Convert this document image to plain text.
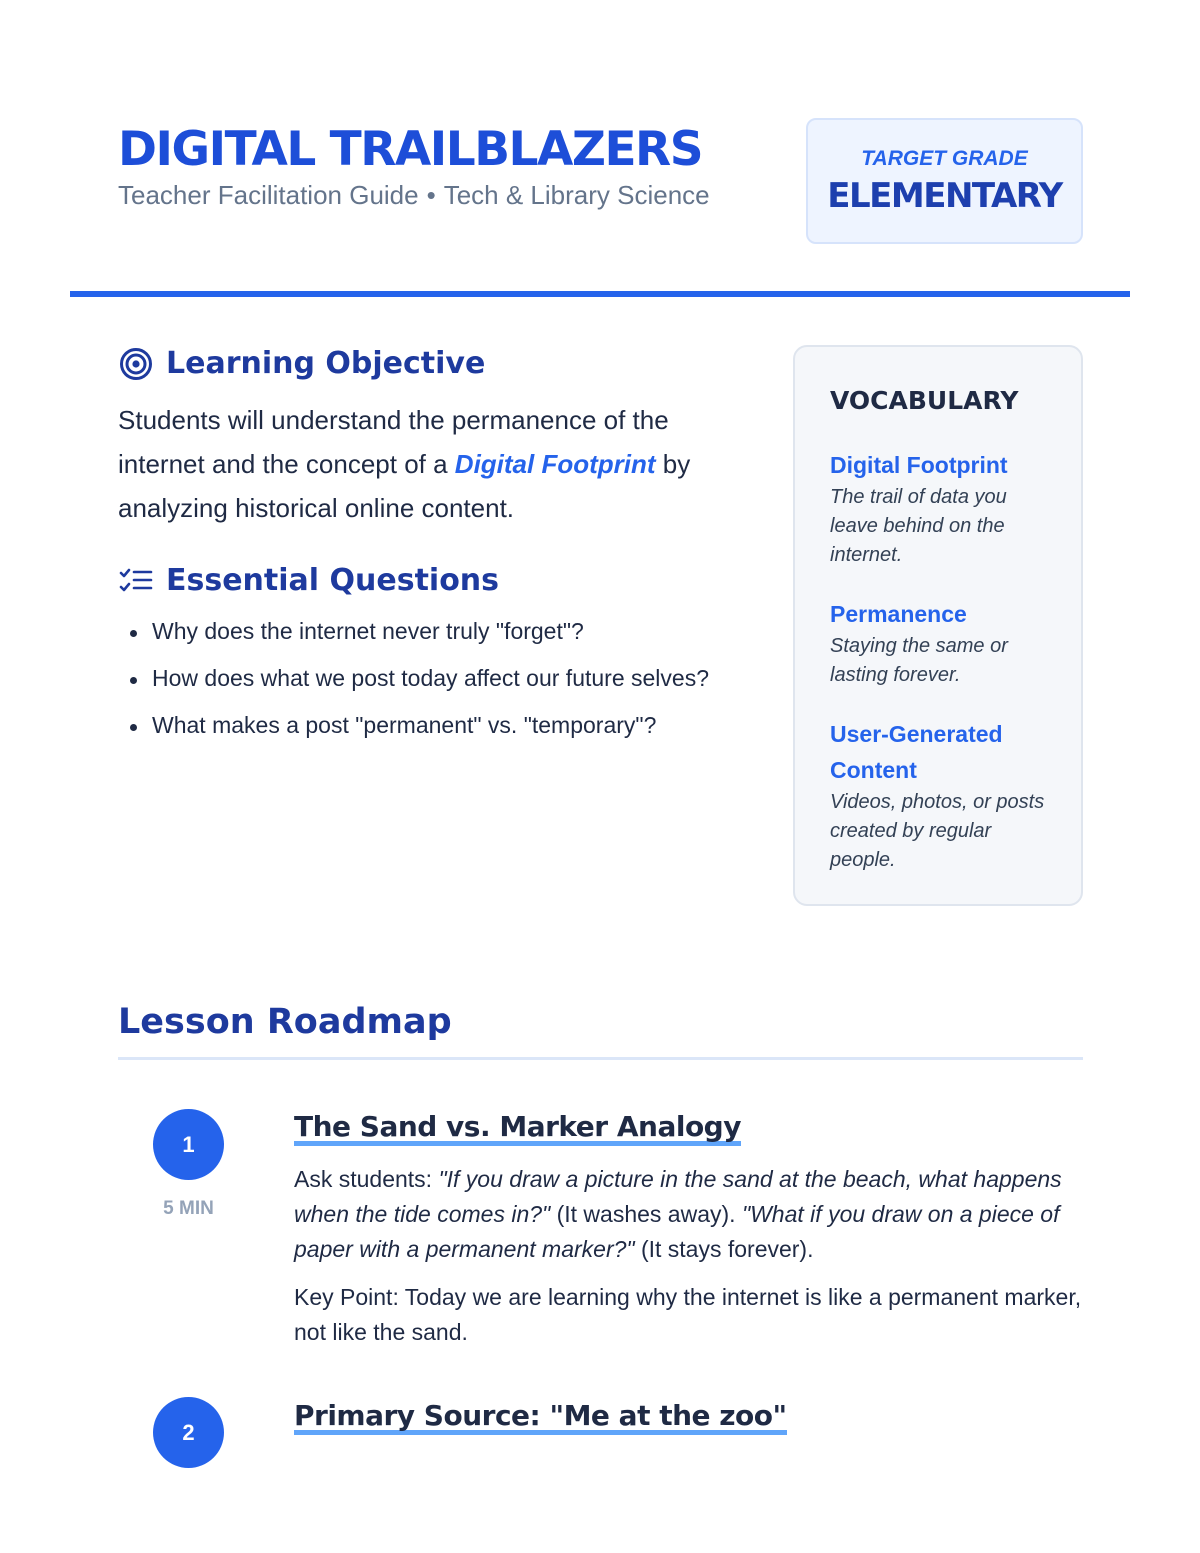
DIGITAL TRAILBLAZERS
Teacher Facilitation Guide • Tech & Library Science
TARGET GRADE
ELEMENTARY
Learning Objective
Students will understand the permanence of the internet and the concept of a Digital Footprint by analyzing historical online content.
Essential Questions
Why does the internet never truly "forget"?
How does what we post today affect our future selves?
What makes a post "permanent" vs. "temporary"?
VOCABULARY
Digital Footprint
The trail of data you leave behind on the internet.
Permanence
Staying the same or lasting forever.
User-Generated Content
Videos, photos, or posts created by regular people.
Lesson Roadmap
1
5 MIN
The Sand vs. Marker Analogy

Ask students: "If you draw a picture in the sand at the beach, what happens when the tide comes in?" (It washes away). "What if you draw on a piece of paper with a permanent marker?" (It stays forever).

Key Point: Today we are learning why the internet is like a permanent marker, not like the sand.

2	Primary Source: "Me at the zoo"
